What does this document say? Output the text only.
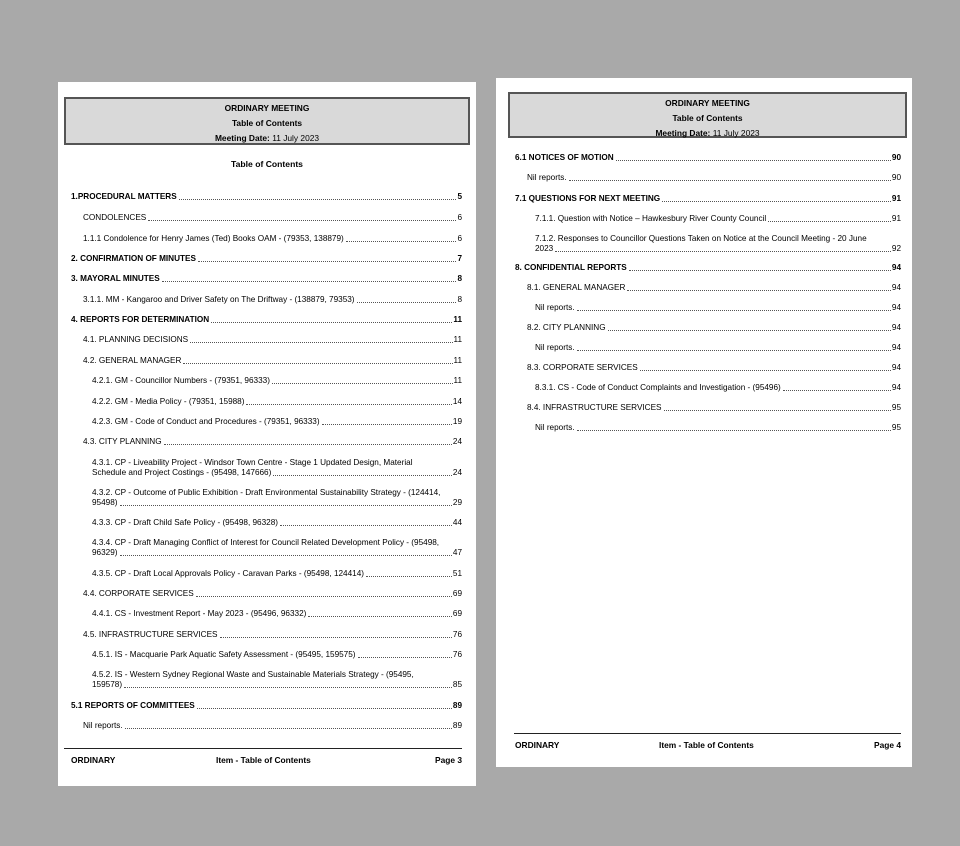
ORDINARY MEETING
Table of Contents
Meeting Date: 11 July 2023
Table of Contents
1.PROCEDURAL MATTERS	5
CONDOLENCES	6
1.1.1 Condolence for Henry James (Ted) Books OAM - (79353, 138879)	6
2. CONFIRMATION OF MINUTES	7
3. MAYORAL MINUTES	8
3.1.1. MM - Kangaroo and Driver Safety on The Driftway - (138879, 79353)	8
4. REPORTS FOR DETERMINATION	11
4.1. PLANNING DECISIONS	11
4.2. GENERAL MANAGER	11
4.2.1. GM - Councillor Numbers - (79351, 96333)	11
4.2.2. GM - Media Policy - (79351, 15988)	14
4.2.3. GM - Code of Conduct and Procedures - (79351, 96333)	19
4.3. CITY PLANNING	24
4.3.1. CP - Liveability Project - Windsor Town Centre - Stage 1 Updated Design, Material
Schedule and Project Costings - (95498, 147666)	24
4.3.2. CP - Outcome of Public Exhibition - Draft Environmental Sustainability Strategy - (124414,
95498)	29
4.3.3. CP - Draft Child Safe Policy - (95498, 96328)	44
4.3.4. CP - Draft Managing Conflict of Interest for Council Related Development Policy - (95498,
96329)	47
4.3.5. CP - Draft Local Approvals Policy - Caravan Parks - (95498, 124414)	51
4.4. CORPORATE SERVICES	69
4.4.1. CS - Investment Report - May 2023 - (95496, 96332)	69
4.5. INFRASTRUCTURE SERVICES	76
4.5.1. IS - Macquarie Park Aquatic Safety Assessment - (95495, 159575)	76
4.5.2. IS - Western Sydney Regional Waste and Sustainable Materials Strategy - (95495,
159578)	85
5.1 REPORTS OF COMMITTEES	89
Nil reports.	89
ORDINARY	Item - Table of Contents	Page 3
ORDINARY MEETING
Table of Contents
Meeting Date: 11 July 2023
6.1 NOTICES OF MOTION	90
Nil reports.	90
7.1 QUESTIONS FOR NEXT MEETING	91
7.1.1. Question with Notice – Hawkesbury River County Council	91
7.1.2. Responses to Councillor Questions Taken on Notice at the Council Meeting - 20 June
2023	92
8. CONFIDENTIAL REPORTS	94
8.1. GENERAL MANAGER	94
Nil reports.	94
8.2. CITY PLANNING	94
Nil reports.	94
8.3. CORPORATE SERVICES	94
8.3.1. CS - Code of Conduct Complaints and Investigation - (95496)	94
8.4. INFRASTRUCTURE SERVICES	95
Nil reports.	95
ORDINARY	Item - Table of Contents	Page 4
